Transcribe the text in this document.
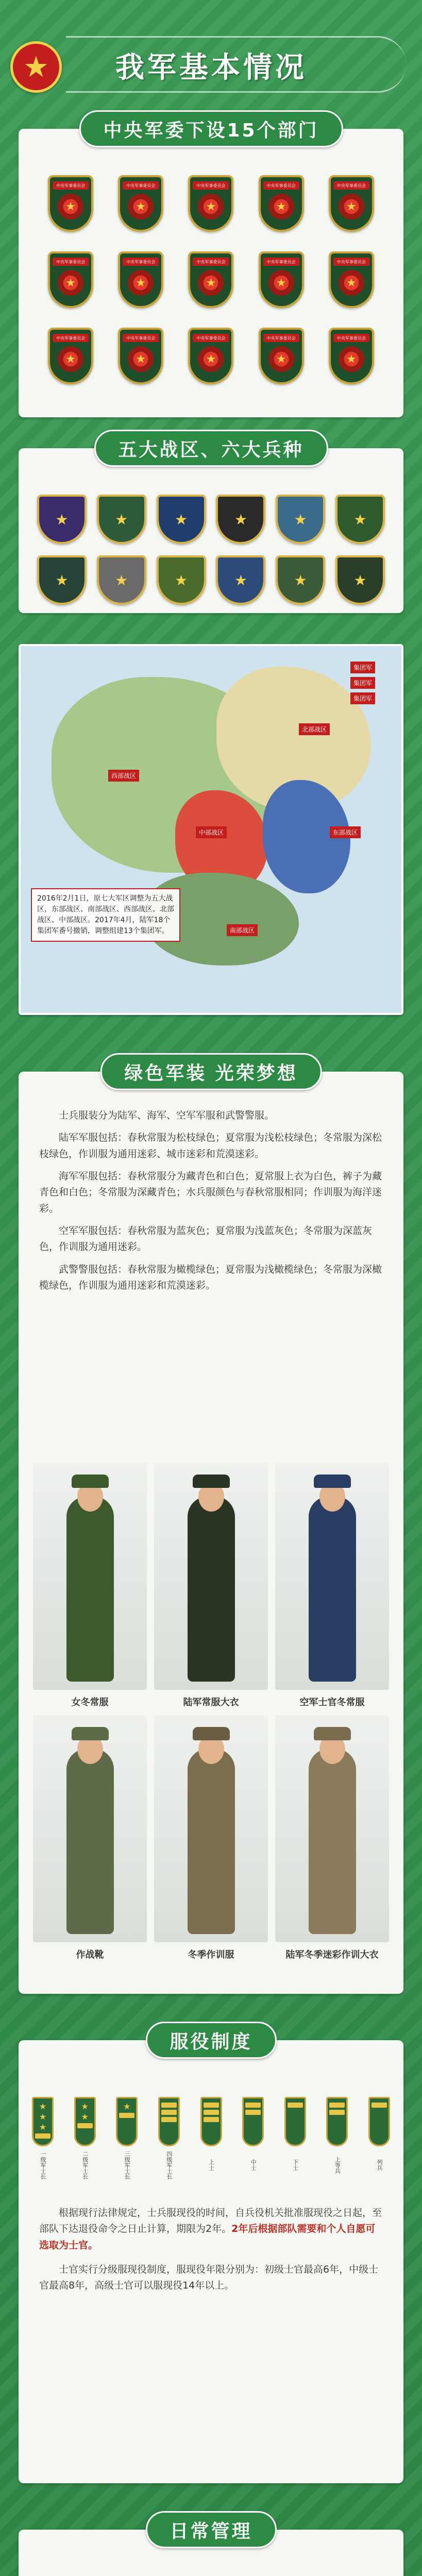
★	我军基本情况
中央军委下设15个部门
中央军事委员会
★
中央军事委员会
★
中央军事委员会
★
中央军事委员会
★
中央军事委员会
★
中央军事委员会
★
中央军事委员会
★
中央军事委员会
★
中央军事委员会
★
中央军事委员会
★
中央军事委员会
★
中央军事委员会
★
中央军事委员会
★
中央军事委员会
★
中央军事委员会
★
五大战区、六大兵种
★	★	★	★	★	★
★	★	★	★	★	★
北部战区
东部战区
南部战区
中部战区
西部战区
集团军
集团军
集团军
2016年2月1日，原七大军区调整为五大战区，东部战区、南部战区、西部战区、北部战区、中部战区。2017年4月，陆军18个集团军番号撤销，调整组建13个集团军。
绿色军装 光荣梦想

士兵服装分为陆军、海军、空军军服和武警警服。

陆军军服包括：春秋常服为松枝绿色；夏常服为浅松枝绿色；冬常服为深松枝绿色，作训服为通用迷彩、城市迷彩和荒漠迷彩。

海军军服包括：春秋常服分为藏青色和白色；夏常服上衣为白色，裤子为藏青色和白色；冬常服为深藏青色；水兵服颜色与春秋常服相同；作训服为海洋迷彩。

空军军服包括：春秋常服为蓝灰色；夏常服为浅蓝灰色；冬常服为深蓝灰色，作训服为通用迷彩。

武警警服包括：春秋常服为橄榄绿色；夏常服为浅橄榄绿色；冬常服为深橄榄绿色，作训服为通用迷彩和荒漠迷彩。

女冬常服	陆军常服大衣	空军士官冬常服
作战靴	冬季作训服	陆军冬季迷彩作训大衣
服役制度
★
★
★
一级军士长
★
★
二级军士长
★
三级军士长	四级军士长	上士	中士	下士	上等兵	列兵

根据现行法律规定，士兵服现役的时间，自兵役机关批准服现役之日起，至部队下达退役命令之日止计算，期限为2年。2年后根据部队需要和个人自愿可选取为士官。

士官实行分级服现役制度，服现役年限分别为：初级士官最高6年，中级士官最高8年，高级士官可以服现役14年以上。

日常管理
